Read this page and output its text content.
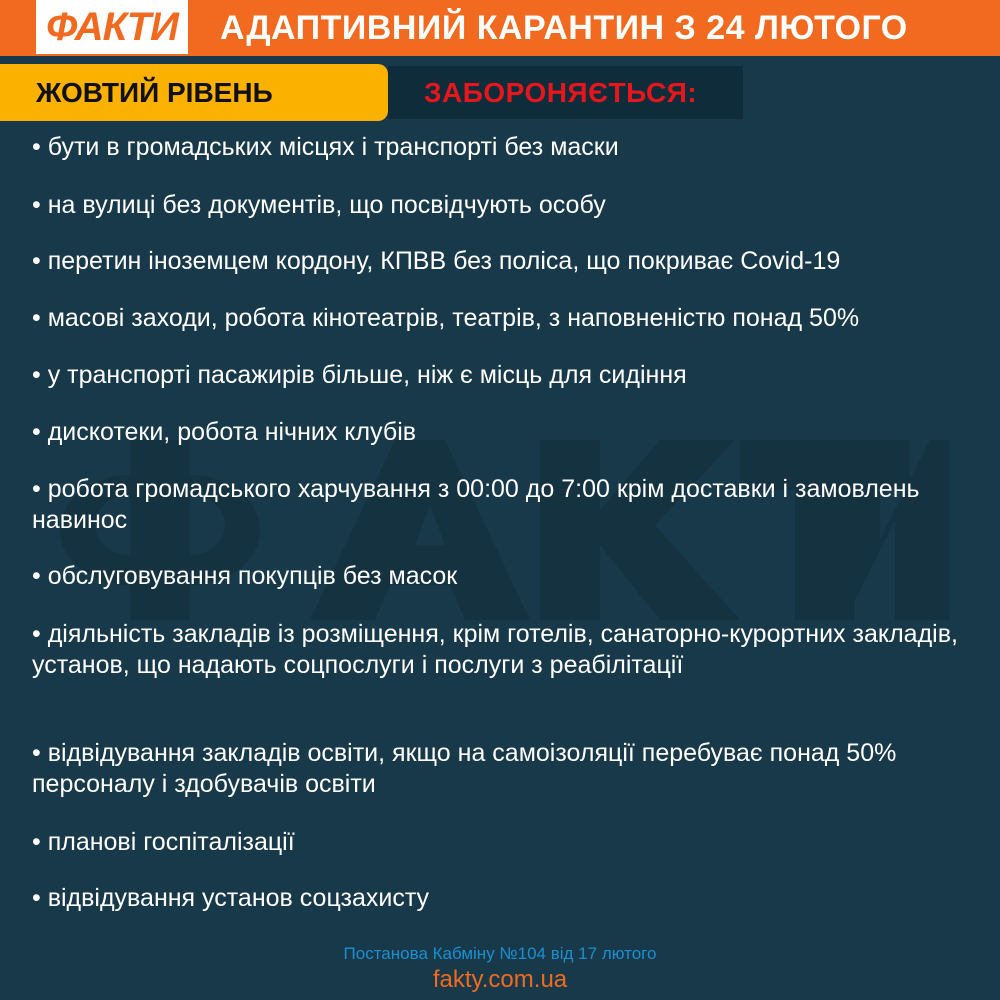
ФАКТИ АДАПТИВНИЙ КАРАНТИН З 24 ЛЮТОГО
ЖОВТИЙ РІВЕНЬ	ЗАБОРОНЯЄТЬСЯ:
• бути в громадських місцях і транспорті без маски
• на вулиці без документів, що посвідчують особу
• перетин іноземцем кордону, КПВВ без поліса, що покриває Covid-19
• масові заходи, робота кінотеатрів, театрів, з наповненістю понад 50%
• у транспорті пасажирів більше, ніж є місць для сидіння
• дискотеки, робота нічних клубів
• робота громадського харчування з 00:00 до 7:00 крім доставки і замовлень навинос
• обслуговування покупців без масок
• діяльність закладів із розміщення, крім готелів, санаторно-курортних закладів, установ, що надають соцпослуги і послуги з реабілітації
• відвідування закладів освіти, якщо на самоізоляції перебуває понад 50% персоналу і здобувачів освіти
• планові госпіталізації
• відвідування установ соцзахисту
Постанова Кабміну №104 від 17 лютого
fakty.com.ua
